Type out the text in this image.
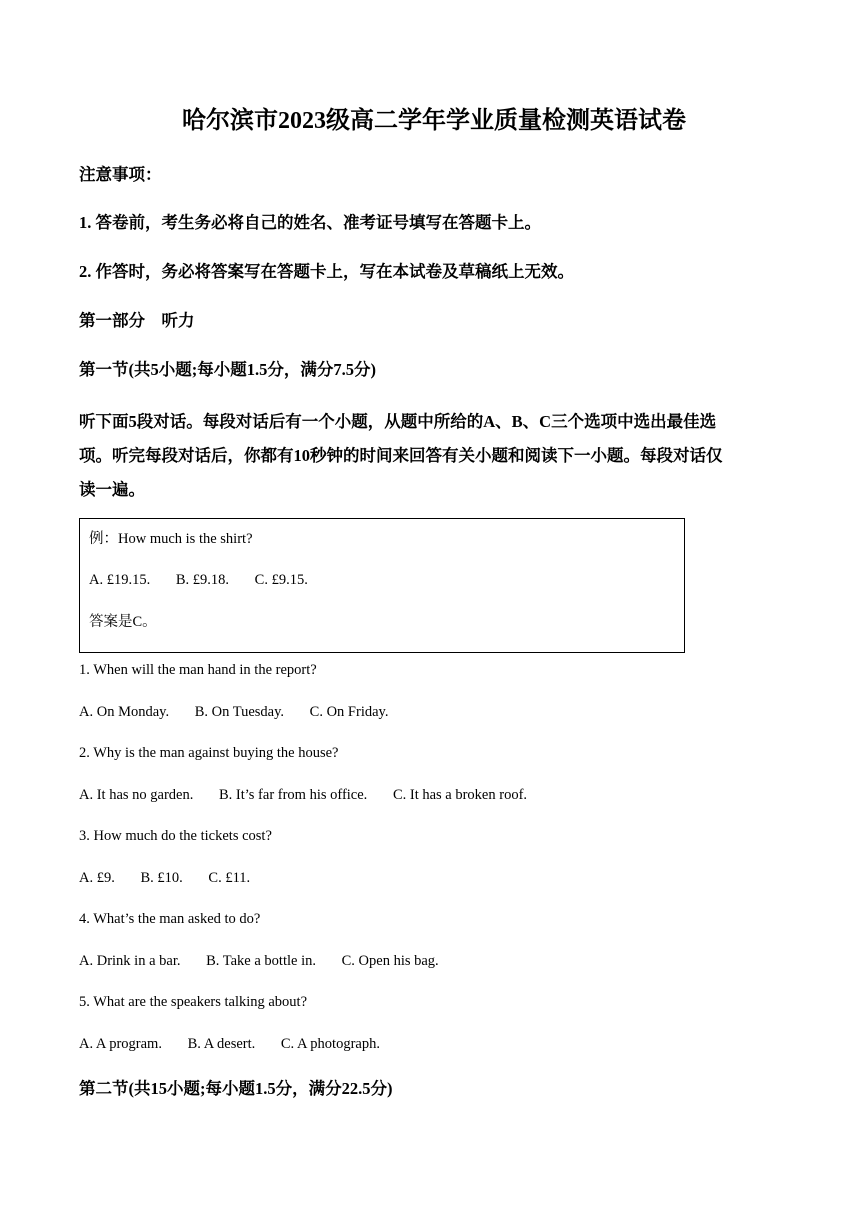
哈尔滨市2023级高二学年学业质量检测英语试卷
注意事项：
1. 答卷前，考生务必将自己的姓名、准考证号填写在答题卡上。
2. 作答时，务必将答案写在答题卡上，写在本试卷及草稿纸上无效。
第一部分　听力
第一节(共5小题;每小题1.5分，满分7.5分)
听下面5段对话。每段对话后有一个小题，从题中所给的A、B、C三个选项中选出最佳选
项。听完每段对话后，你都有10秒钟的时间来回答有关小题和阅读下一小题。每段对话仅
读一遍。
例：How much is the shirt?
A. £19.15. B. £9.18. C. £9.15.
答案是C。
1. When will the man hand in the report?
A. On Monday. B. On Tuesday. C. On Friday.
2. Why is the man against buying the house?
A. It has no garden. B. It’s far from his office. C. It has a broken roof.
3. How much do the tickets cost?
A. £9. B. £10. C. £11.
4. What’s the man asked to do?
A. Drink in a bar. B. Take a bottle in. C. Open his bag.
5. What are the speakers talking about?
A. A program. B. A desert. C. A photograph.
第二节(共15小题;每小题1.5分，满分22.5分)
